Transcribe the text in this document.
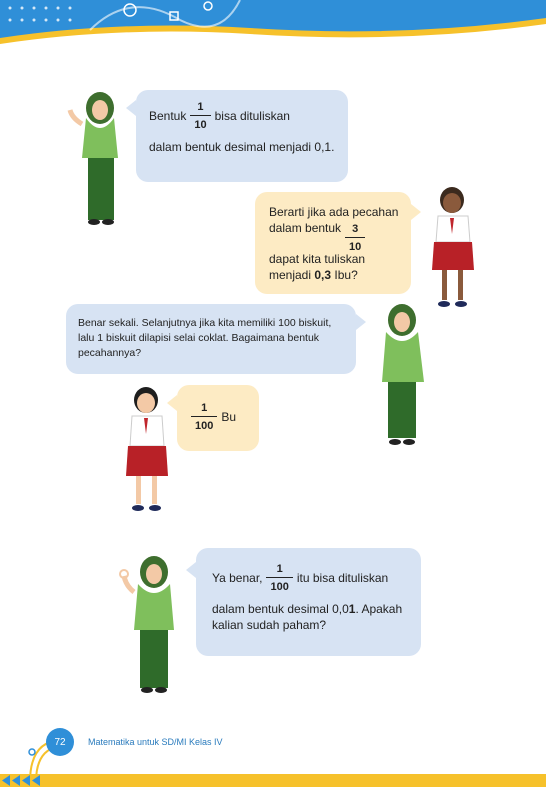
Bentuk $\frac{1}{10}$ bisa dituliskan
dalam bentuk desimal menjadi 0,1.
Berarti jika ada pecahan
dalam bentuk $\frac{3}{10}$
dapat kita tuliskan
menjadi 0,3 Ibu?
Benar sekali. Selanjutnya jika kita memiliki 100 biskuit,
lalu 1 biskuit dilapisi selai coklat. Bagaimana bentuk
pecahannya?
$\frac{1}{100}$ Bu
Ya benar, $\frac{1}{100}$ itu bisa dituliskan
dalam bentuk desimal 0,01. Apakah
kalian sudah paham?
72	Matematika untuk SD/MI Kelas IV
